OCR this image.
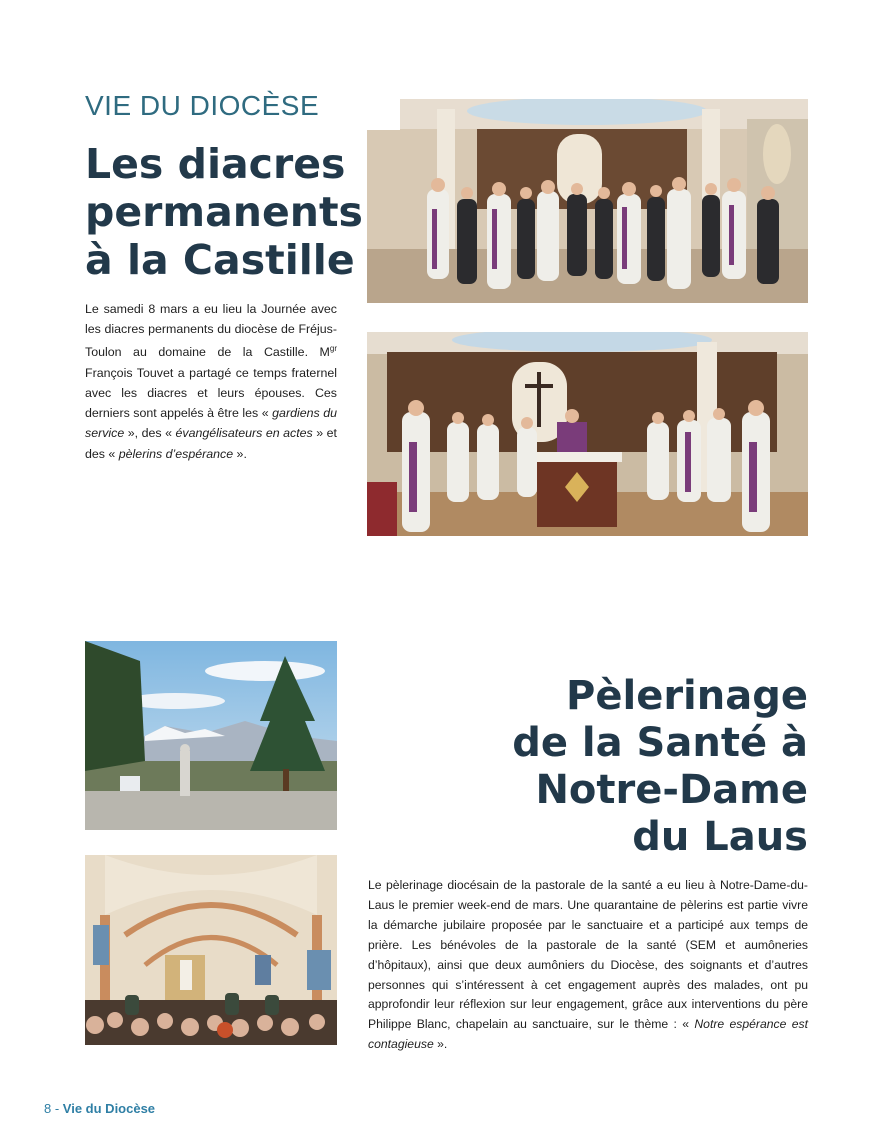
VIE DU DIOCÈSE
Les diacres
permanents
à la Castille
Le samedi 8 mars a eu lieu la Journée avec les diacres permanents du diocèse de Fréjus-Toulon au domaine de la Castille. $M^{gr}$ François Touvet a partagé ce temps fraternel avec les diacres et leurs épouses. Ces derniers sont appelés à être les « gardiens du service », des « évangélisateurs en actes » et des « pèlerins d’espérance ».
Pèlerinage
de la Santé à
Notre-Dame
du Laus
Le pèlerinage diocésain de la pastorale de la santé a eu lieu à Notre-Dame-du-Laus le premier week-end de mars. Une quarantaine de pèlerins est partie vivre la démarche jubilaire proposée par le sanctuaire et a participé aux temps de prière. Les bénévoles de la pastorale de la santé (SEM et aumôneries d’hôpitaux), ainsi que deux aumôniers du Diocèse, des soignants et d’autres personnes qui s’intéressent à cet engagement auprès des malades, ont pu approfondir leur réflexion sur leur engagement, grâce aux interventions du père Philippe Blanc, chapelain au sanctuaire, sur le thème : « Notre espérance est contagieuse ».
8 - Vie du Diocèse
